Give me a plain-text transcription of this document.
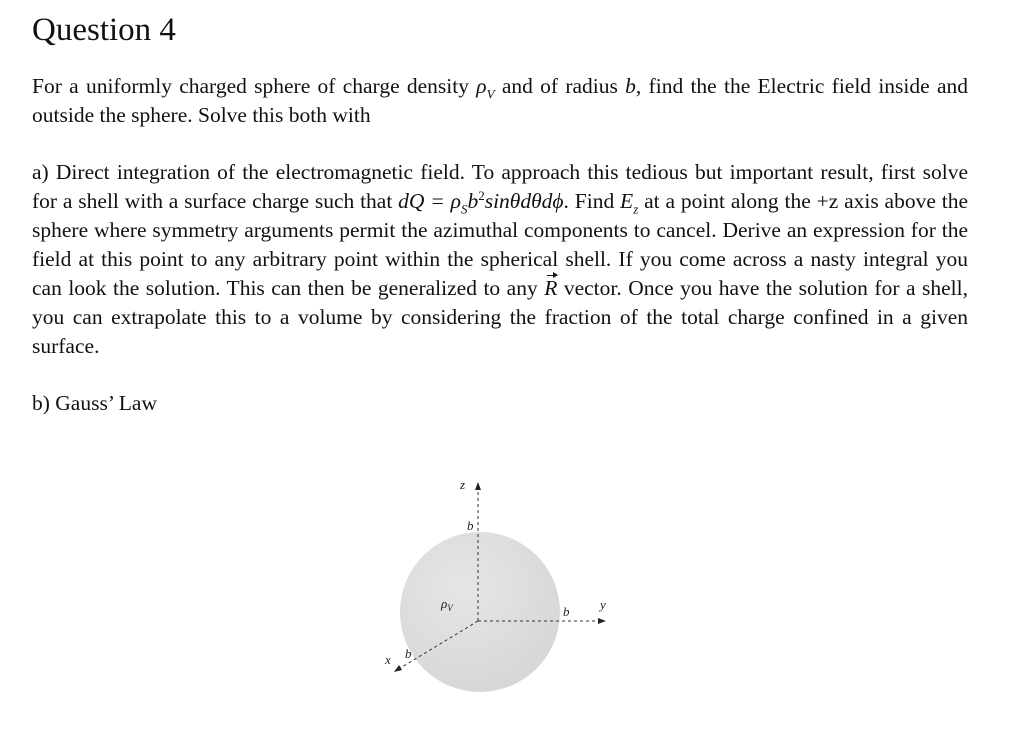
Question 4

For a uniformly charged sphere of charge density $\rho_V$ and of radius b, find the the Electric field inside and outside the sphere. Solve this both with

a) Direct integration of the electromagnetic field. To approach this tedious but important result, first solve for a shell with a surface charge such that dQ = $\rho_Sb^2\sin\theta d\theta d\phi$. Find $E_z$ at a point along the +z axis above the sphere where symmetry arguments permit the azimuthal components to cancel. Derive an expression for the field at this point to any arbitrary point within the spherical shell. If you come across a nasty integral you can look the solution. This can then be generalized to any R vector. Once you have the solution for a shell, you can extrapolate this to a volume by considering the fraction of the total charge confined in a given surface.

b) Gauss’ Law

z
y
x b
b
b
$\rho_V$
